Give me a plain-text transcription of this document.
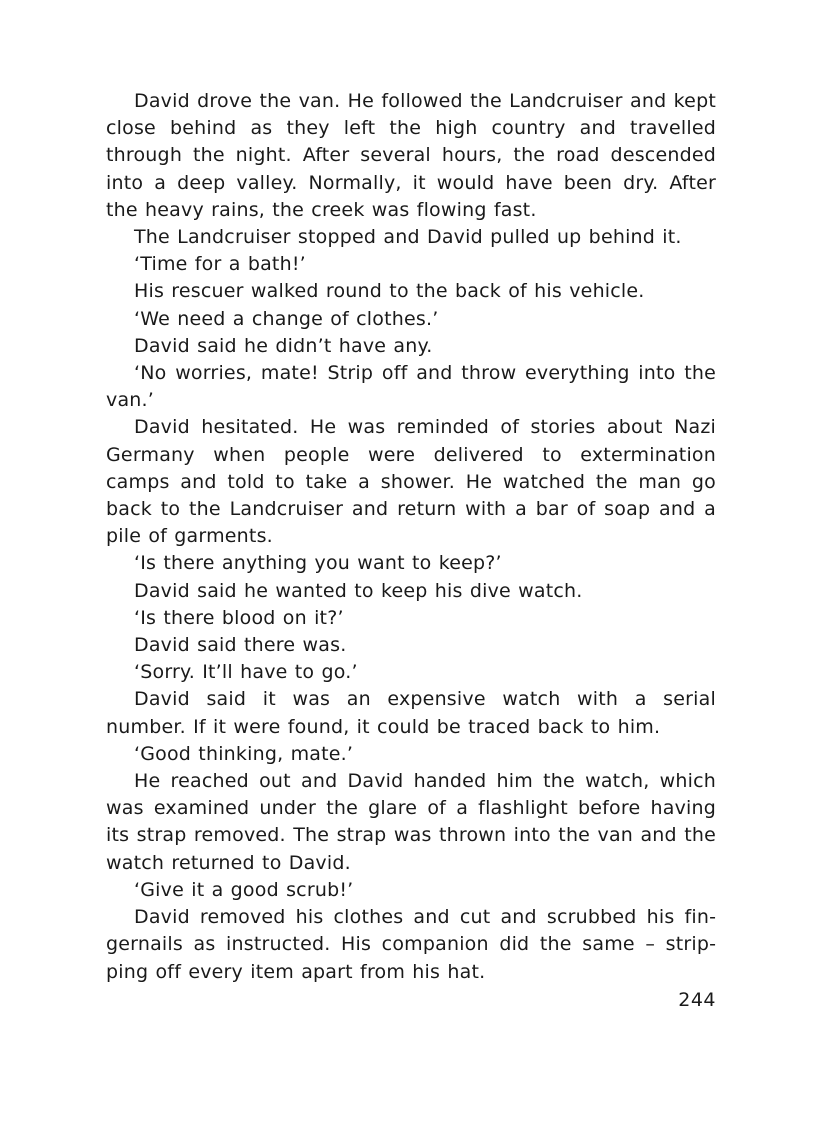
David drove the van. He followed the Landcruiser and kept close behind as they left the high country and travelled through the night. After several hours, the road descended into a deep valley. Normally, it would have been dry. After the heavy rains, the creek was flowing fast.

The Landcruiser stopped and David pulled up behind it.

‘Time for a bath!’

His rescuer walked round to the back of his vehicle.

‘We need a change of clothes.’

David said he didn’t have any.

‘No worries, mate! Strip off and throw everything into the van.’

David hesitated. He was reminded of stories about Nazi Germany when people were delivered to extermination camps and told to take a shower. He watched the man go back to the Landcruiser and return with a bar of soap and a pile of garments.

‘Is there anything you want to keep?’

David said he wanted to keep his dive watch.

‘Is there blood on it?’

David said there was.

‘Sorry. It’ll have to go.’

David said it was an expensive watch with a serial number. If it were found, it could be traced back to him.

‘Good thinking, mate.’

He reached out and David handed him the watch, which was examined under the glare of a flashlight before having its strap removed. The strap was thrown into the van and the watch returned to David.

‘Give it a good scrub!’

David removed his clothes and cut and scrubbed his fingernails as instructed. His companion did the same – stripping off every item apart from his hat.

244
